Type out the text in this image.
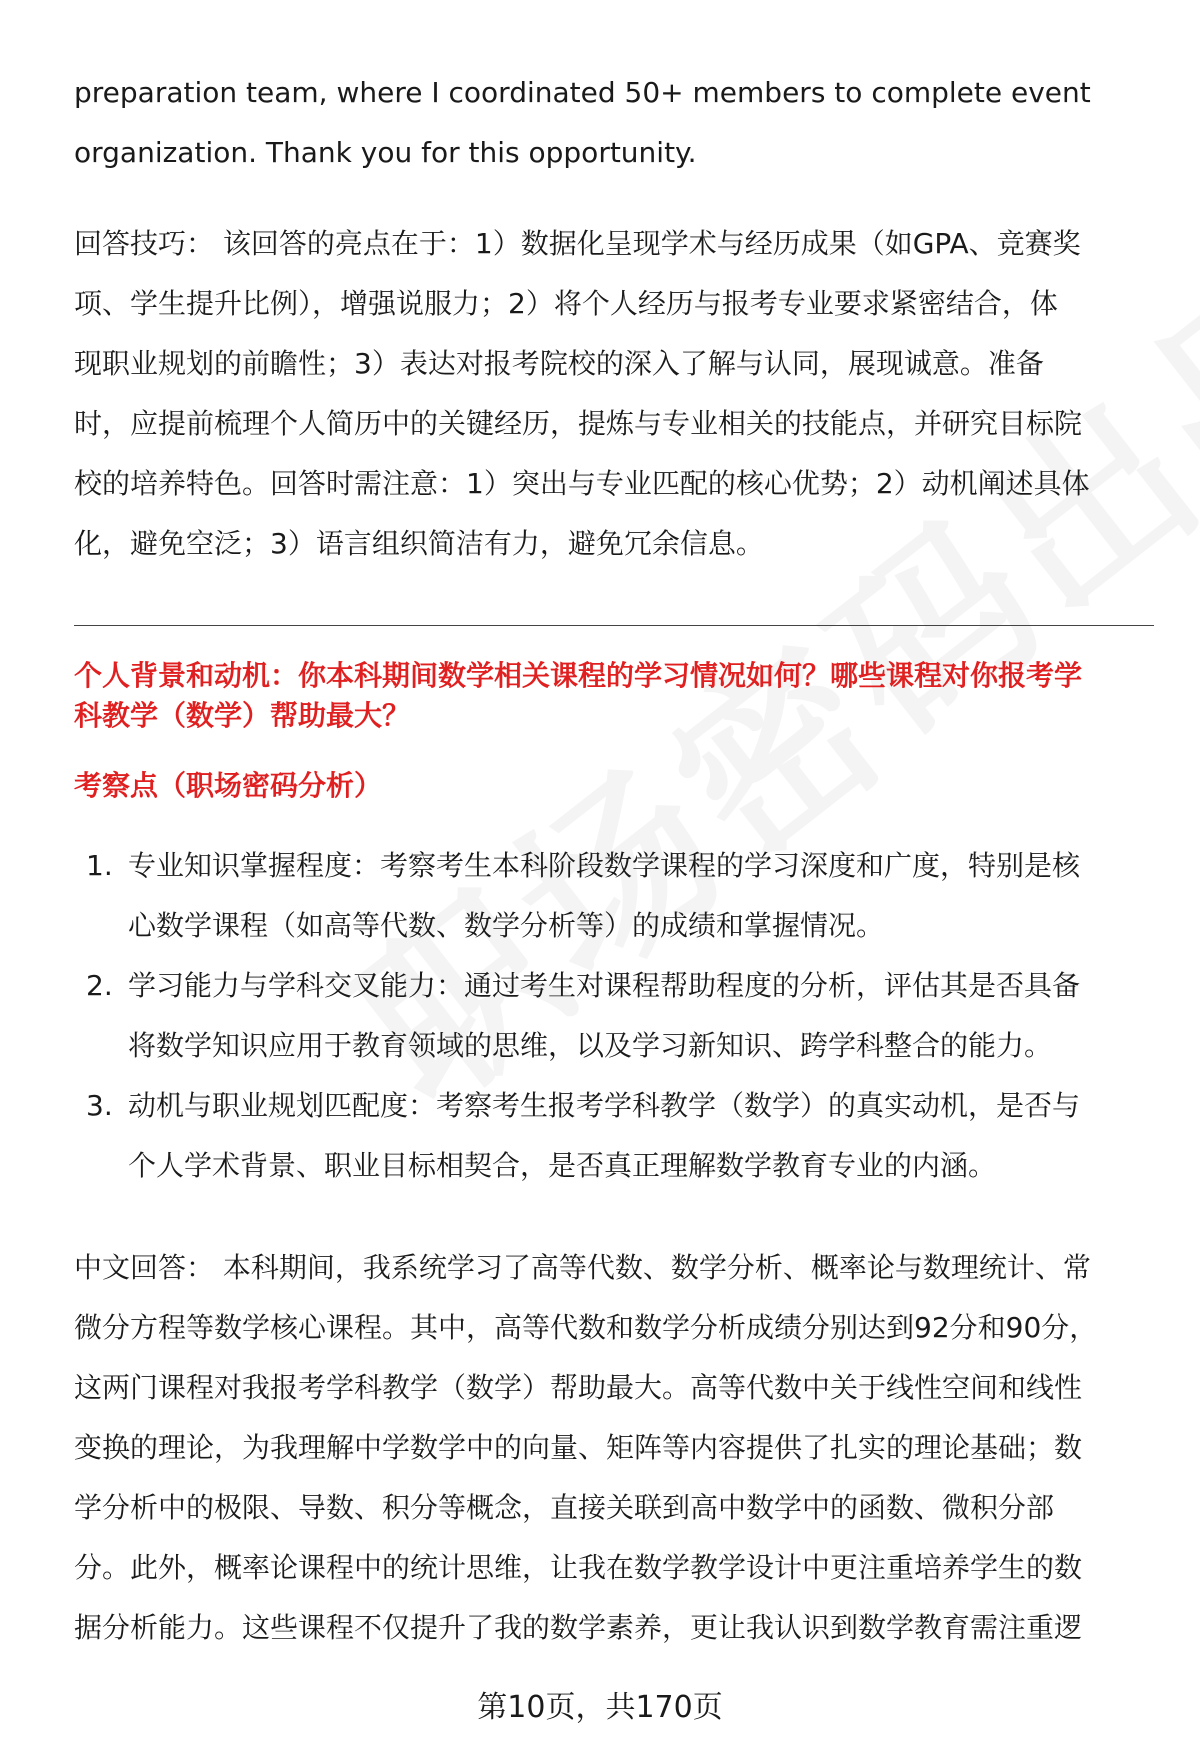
preparation team, where I coordinated 50+ members to complete event
organization. Thank you for this opportunity.
回答技巧： 该回答的亮点在于：1）数据化呈现学术与经历成果（如GPA、竞赛奖
项、学生提升比例），增强说服力；2）将个人经历与报考专业要求紧密结合，体
现职业规划的前瞻性；3）表达对报考院校的深入了解与认同，展现诚意。准备
时，应提前梳理个人简历中的关键经历，提炼与专业相关的技能点，并研究目标院
校的培养特色。回答时需注意：1）突出与专业匹配的核心优势；2）动机阐述具体
化，避免空泛；3）语言组织简洁有力，避免冗余信息。
个人背景和动机：你本科期间数学相关课程的学习情况如何？哪些课程对你报考学
科教学（数学）帮助最大？
考察点（职场密码分析）
1. 专业知识掌握程度：考察考生本科阶段数学课程的学习深度和广度，特别是核
心数学课程（如高等代数、数学分析等）的成绩和掌握情况。
2. 学习能力与学科交叉能力：通过考生对课程帮助程度的分析，评估其是否具备
将数学知识应用于教育领域的思维，以及学习新知识、跨学科整合的能力。
3. 动机与职业规划匹配度：考察考生报考学科教学（数学）的真实动机，是否与
个人学术背景、职业目标相契合，是否真正理解数学教育专业的内涵。
中文回答： 本科期间，我系统学习了高等代数、数学分析、概率论与数理统计、常
微分方程等数学核心课程。其中，高等代数和数学分析成绩分别达到92分和90分，
这两门课程对我报考学科教学（数学）帮助最大。高等代数中关于线性空间和线性
变换的理论，为我理解中学数学中的向量、矩阵等内容提供了扎实的理论基础；数
学分析中的极限、导数、积分等概念，直接关联到高中数学中的函数、微积分部
分。此外，概率论课程中的统计思维，让我在数学教学设计中更注重培养学生的数
据分析能力。这些课程不仅提升了我的数学素养，更让我认识到数学教育需注重逻
第10页，共170页
